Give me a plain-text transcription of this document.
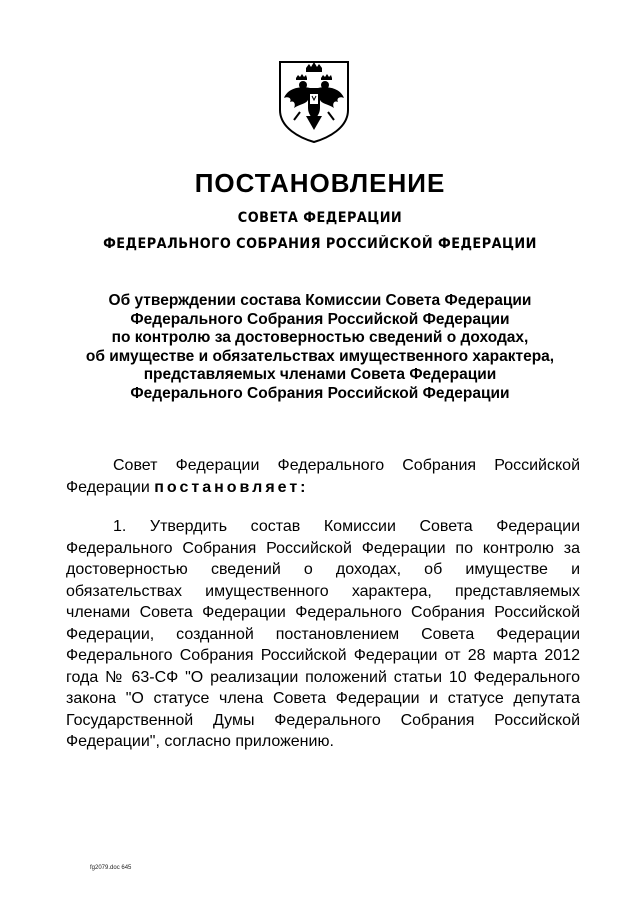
ПОСТАНОВЛЕНИЕ
СОВЕТА ФЕДЕРАЦИИ
ФЕДЕРАЛЬНОГО СОБРАНИЯ РОССИЙСКОЙ ФЕДЕРАЦИИ
Об утверждении состава Комиссии Совета Федерации
Федерального Собрания Российской Федерации
по контролю за достоверностью сведений о доходах,
об имуществе и обязательствах имущественного характера,
представляемых членами Совета Федерации
Федерального Собрания Российской Федерации
Совет Федерации Федерального Собрания Российской Федерации постановляет:
1. Утвердить состав Комиссии Совета Федерации Федерального Собрания Российской Федерации по контролю за достоверностью сведений о доходах, об имуществе и обязательствах имущественного характера, представляемых членами Совета Федерации Федерального Собрания Российской Федерации, созданной постановлением Совета Федерации Федерального Собрания Российской Федерации от 28 марта 2012 года № 63-СФ "О реализации положений статьи 10 Федерального закона "О статусе члена Совета Федерации и статусе депутата Государственной Думы Федерального Собрания Российской Федерации", согласно приложению.
fg2079.doc 645
